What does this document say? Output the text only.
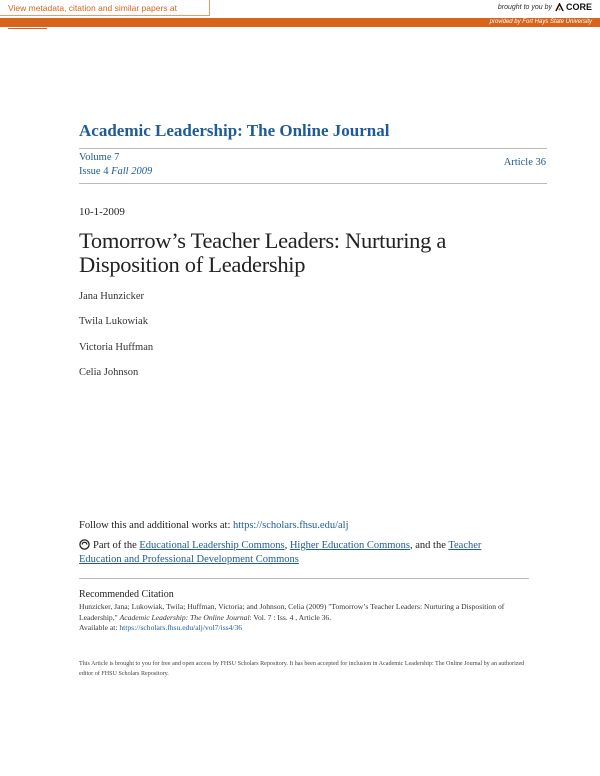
View metadata, citation and similar papers at	brought to you by CORE
provided by Fort Hays State University
Academic Leadership: The Online Journal
Volume 7
Issue 4 Fall 2009
Article 36
10-1-2009
Tomorrow’s Teacher Leaders: Nurturing a Disposition of Leadership
Jana Hunzicker
Twila Lukowiak
Victoria Huffman
Celia Johnson
Follow this and additional works at: https://scholars.fhsu.edu/alj
Part of the Educational Leadership Commons, Higher Education Commons, and the Teacher Education and Professional Development Commons
Recommended Citation
Hunzicker, Jana; Lukowiak, Twila; Huffman, Victoria; and Johnson, Celia (2009) "Tomorrow’s Teacher Leaders: Nurturing a Disposition of Leadership," Academic Leadership: The Online Journal: Vol. 7 : Iss. 4 , Article 36.
Available at: https://scholars.fhsu.edu/alj/vol7/iss4/36
This Article is brought to you for free and open access by FHSU Scholars Repository. It has been accepted for inclusion in Academic Leadership: The Online Journal by an authorized editor of FHSU Scholars Repository.
